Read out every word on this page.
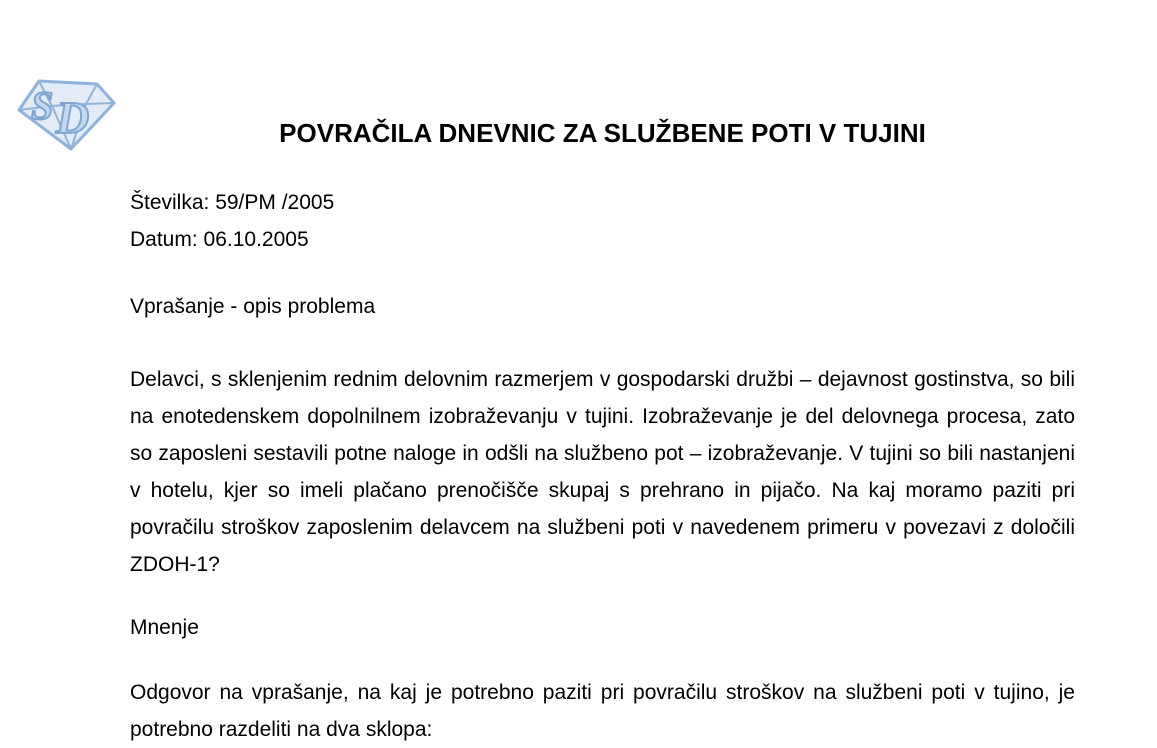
S D	POVRAČILA DNEVNIC ZA SLUŽBENE POTI V TUJINI
Številka: 59/PM /2005
Datum: 06.10.2005
Vprašanje - opis problema
Delavci, s sklenjenim rednim delovnim razmerjem v gospodarski družbi – dejavnost gostinstva, so bili na enotedenskem dopolnilnem izobraževanju v tujini. Izobraževanje je del delovnega procesa, zato so zaposleni sestavili potne naloge in odšli na službeno pot – izobraževanje. V tujini so bili nastanjeni v hotelu, kjer so imeli plačano prenočišče skupaj s prehrano in pijačo. Na kaj moramo paziti pri povračilu stroškov zaposlenim delavcem na službeni poti v navedenem primeru v povezavi z določili ZDOH-1?
Mnenje
Odgovor na vprašanje, na kaj je potrebno paziti pri povračilu stroškov na službeni poti v tujino, je potrebno razdeliti na dva sklopa:
